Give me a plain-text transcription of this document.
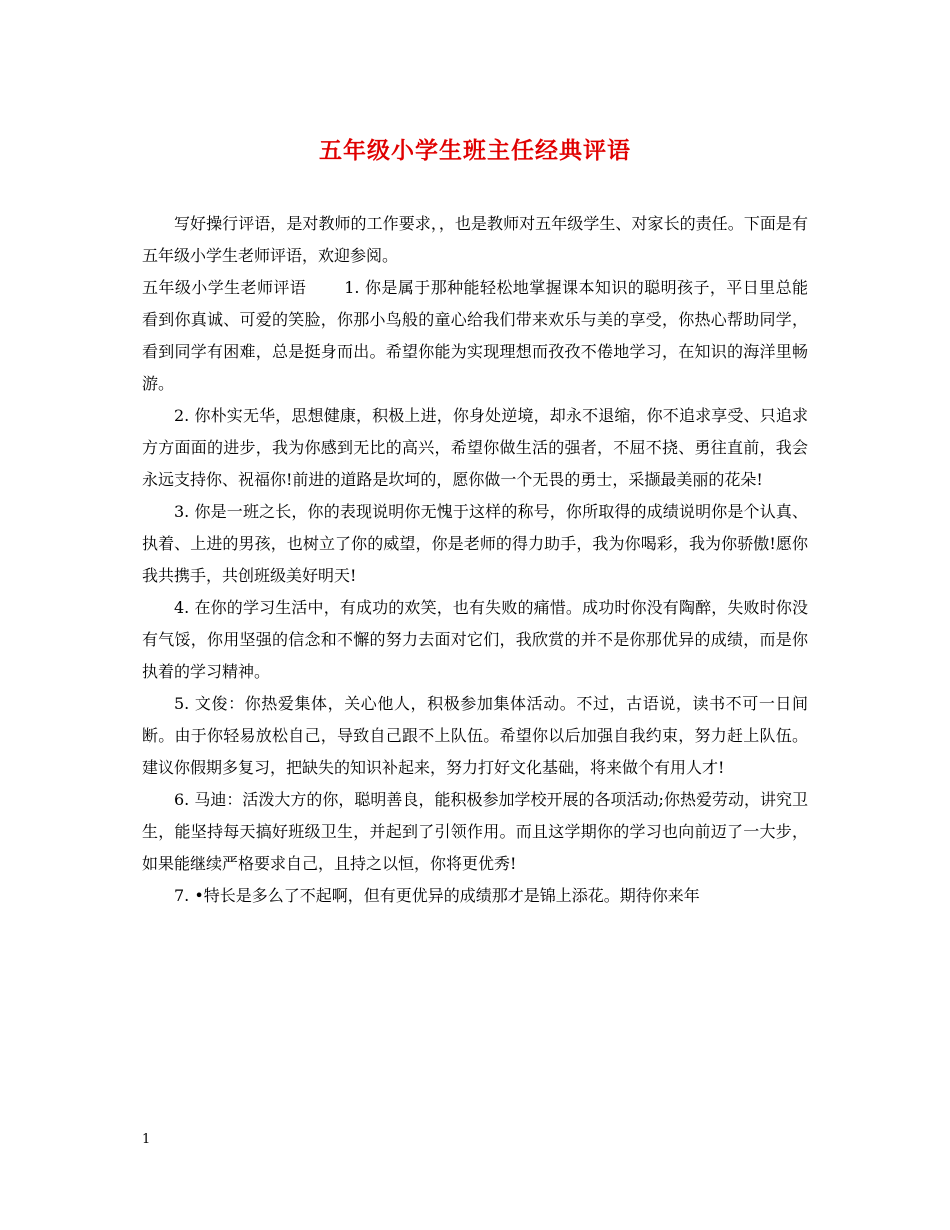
五年级小学生班主任经典评语

写好操行评语，是对教师的工作要求，，也是教师对五年级学生、对家长的责任。下面是有五年级小学生老师评语，欢迎参阅。

五年级小学生老师评语 1. 你是属于那种能轻松地掌握课本知识的聪明孩子，平日里总能看到你真诚、可爱的笑脸，你那小鸟般的童心给我们带来欢乐与美的享受，你热心帮助同学，看到同学有困难，总是挺身而出。希望你能为实现理想而孜孜不倦地学习，在知识的海洋里畅游。

2. 你朴实无华，思想健康，积极上进，你身处逆境，却永不退缩，你不追求享受、只追求方方面面的进步，我为你感到无比的高兴，希望你做生活的强者，不屈不挠、勇往直前，我会永远支持你、祝福你!前进的道路是坎坷的，愿你做一个无畏的勇士，采撷最美丽的花朵!

3. 你是一班之长，你的表现说明你无愧于这样的称号，你所取得的成绩说明你是个认真、执着、上进的男孩，也树立了你的威望，你是老师的得力助手，我为你喝彩，我为你骄傲!愿你我共携手，共创班级美好明天!

4. 在你的学习生活中，有成功的欢笑，也有失败的痛惜。成功时你没有陶醉，失败时你没有气馁，你用坚强的信念和不懈的努力去面对它们，我欣赏的并不是你那优异的成绩，而是你执着的学习精神。

5. 文俊：你热爱集体，关心他人，积极参加集体活动。不过，古语说，读书不可一日间断。由于你轻易放松自己，导致自己跟不上队伍。希望你以后加强自我约束，努力赶上队伍。建议你假期多复习，把缺失的知识补起来，努力打好文化基础，将来做个有用人才!

6. 马迪：活泼大方的你，聪明善良，能积极参加学校开展的各项活动;你热爱劳动，讲究卫生，能坚持每天搞好班级卫生，并起到了引领作用。而且这学期你的学习也向前迈了一大步，如果能继续严格要求自己，且持之以恒，你将更优秀!

7. •特长是多么了不起啊，但有更优异的成绩那才是锦上添花。期待你来年

1
